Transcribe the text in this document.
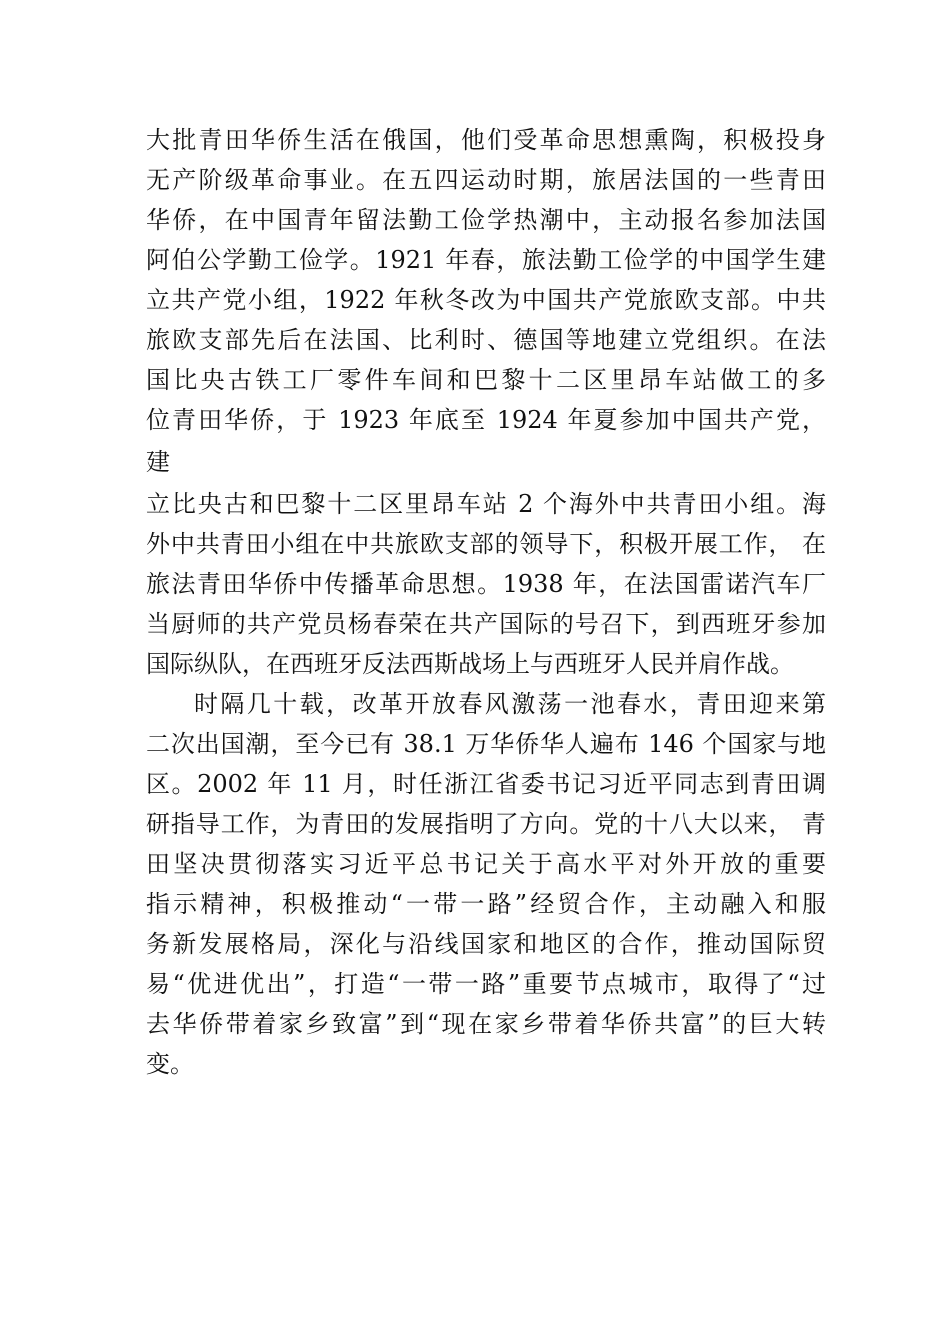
大批青田华侨生活在俄国，他们受革命思想熏陶，积极投身
无产阶级革命事业。在五四运动时期，旅居法国的一些青田
华侨，在中国青年留法勤工俭学热潮中，主动报名参加法国
阿伯公学勤工俭学。1921 年春，旅法勤工俭学的中国学生建
立共产党小组，1922 年秋冬改为中国共产党旅欧支部。中共
旅欧支部先后在法国、比利时、德国等地建立党组织。在法
国比央古铁工厂零件车间和巴黎十二区里昂车站做工的多
位青田华侨，于 1923 年底至 1924 年夏参加中国共产党，
建
立比央古和巴黎十二区里昂车站 2 个海外中共青田小组。海
外中共青田小组在中共旅欧支部的领导下，积极开展工作， 在
旅法青田华侨中传播革命思想。1938 年，在法国雷诺汽车厂
当厨师的共产党员杨春荣在共产国际的号召下，到西班牙参加
国际纵队，在西班牙反法西斯战场上与西班牙人民并肩作战。
时隔几十载，改革开放春风激荡一池春水，青田迎来第
二次出国潮，至今已有 38.1 万华侨华人遍布 146 个国家与地
区。2002 年 11 月，时任浙江省委书记习近平同志到青田调
研指导工作，为青田的发展指明了方向。党的十八大以来， 青
田坚决贯彻落实习近平总书记关于高水平对外开放的重要
指示精神，积极推动“一带一路”经贸合作，主动融入和服
务新发展格局，深化与沿线国家和地区的合作，推动国际贸
易“优进优出”，打造“一带一路”重要节点城市，取得了“过
去华侨带着家乡致富”到“现在家乡带着华侨共富”的巨大转
变。
